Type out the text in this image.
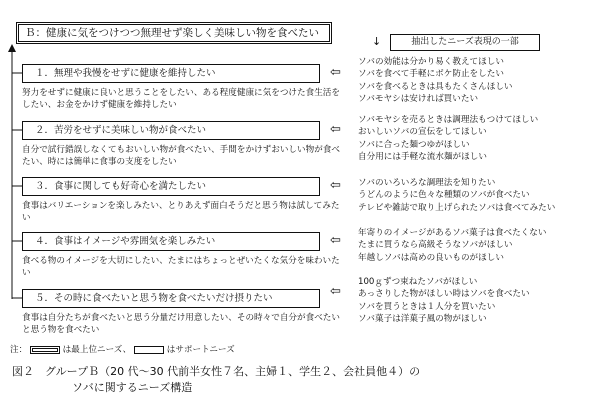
Ｂ：健康に気をつけつつ無理せず楽しく美味しい物を食べたい
↓	抽出したニーズ表現の一部
１．無理や我慢をせずに健康を維持したい
努力をせずに健康に良いと思うことをしたい、ある程度健康に気をつけた食生活をしたい、お金をかけず健康を維持したい
⇦
ソバの効能は分かり易く教えてほしい
ソバを食べて手軽にボケ防止をしたい
ソバを食べるときは具もたくさんほしい
ソバモヤシは安ければ買いたい
２．苦労をせずに美味しい物が食べたい
自分で試行錯誤しなくてもおいしい物が食べたい、手間をかけずおいしい物が食べたい、時には簡単に食事の支度をしたい
⇦
ソバモヤシを売るときは調理法もつけてほしい
おいしいソバの宣伝をしてほしい
ソバに合った麺つゆがほしい
自分用には手軽な流水麺がほしい
３．食事に関しても好奇心を満たしたい
食事はバリエーションを楽しみたい、とりあえず面白そうだと思う物は試してみたい
⇦ ソバのいろいろな調理法を知りたい
うどんのように色々な種類のソバが食べたい
テレビや雑誌で取り上げられたソバは食べてみたい
４．食事はイメージや雰囲気を楽しみたい
食べる物のイメージを大切にしたい、たまにはちょっとぜいたくな気分を味わいたい
⇦ 年寄りのイメージがあるソバ菓子は食べたくない
たまに買うなら高級そうなソバがほしい
年越しソバは高めの良いものがほしい
５．その時に食べたいと思う物を食べたいだけ摂りたい
食事は自分たちが食べたいと思う分量だけ用意したい、その時々で自分が食べたいと思う物を食べたい
⇦
100ｇずつ束ねたソバがほしい
あっさりした物がほしい時はソバを食べたい
ソバを買うときは１人分を買いたい
ソバ菓子は洋菓子風の物がほしい
注：	は最上位ニーズ、	はサポートニーズ
図２　グループＢ（20 代～30 代前半女性７名、主婦１、学生２、会社員他４）の
ソバに関するニーズ構造
